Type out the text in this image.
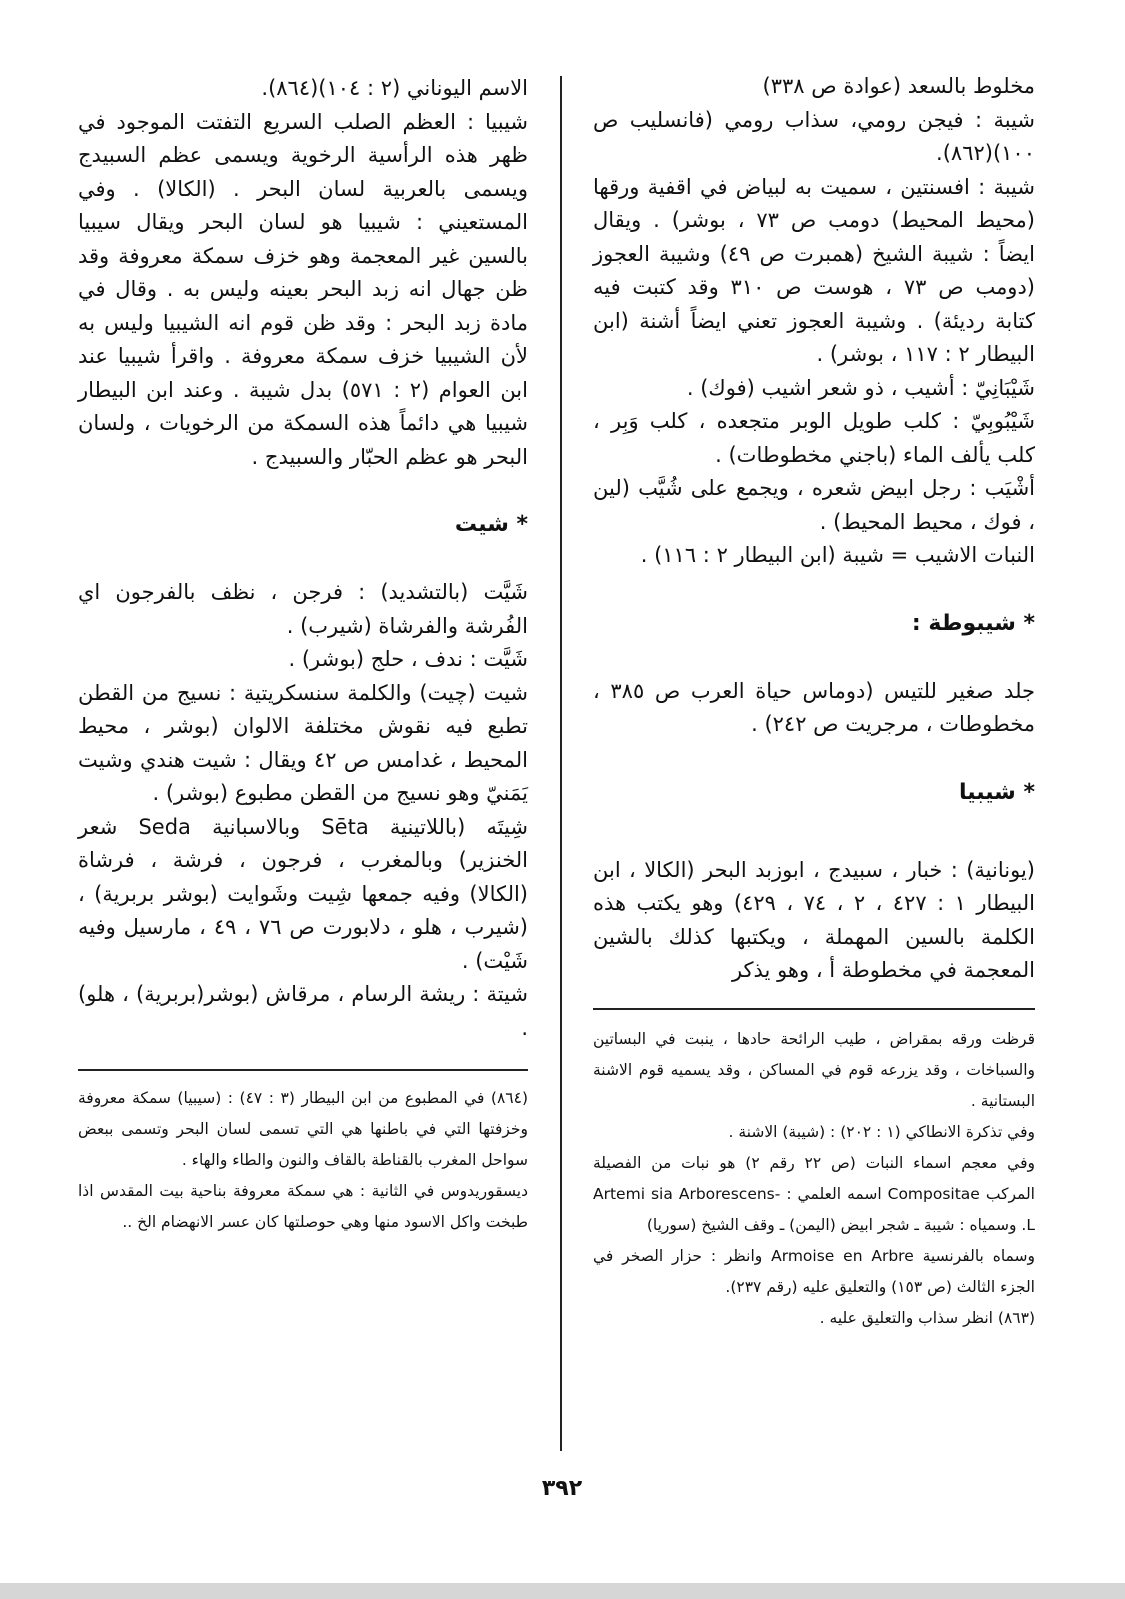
مخلوط بالسعد (عوادة ص ٣٣٨)

شيبة : فيجن رومي، سذاب رومي (فانسليب ص ١٠٠)(٨٦٢).

شيبة : افسنتين ، سميت به لبياض في اقفية ورقها (محيط المحيط) دومب ص ٧٣ ، بوشر) . ويقال ايضاً : شيبة الشيخ (همبرت ص ٤٩) وشيبة العجوز (دومب ص ٧٣ ، هوست ص ٣١٠ وقد كتبت فيه كتابة رديئة) . وشيبة العجوز تعني ايضاً أشنة (ابن البيطار ٢ : ١١٧ ، بوشر) .

شَيْبَانِيّ : أشيب ، ذو شعر اشيب (فوك) .

شَيْبُوبِيّ : كلب طويل الوبر متجعده ، كلب وَبِر ، كلب يألف الماء (باجني مخطوطات) .

أشْيَب : رجل ابيض شعره ، ويجمع على شُيَّب (لين ، فوك ، محيط المحيط) .

النبات الاشيب = شيبة (ابن البيطار ٢ : ١١٦) .

* شيبوطة :

جلد صغير للتيس (دوماس حياة العرب ص ٣٨٥ ، مخطوطات ، مرجريت ص ٢٤٢) .

* شيبيا

(يونانية) : خبار ، سبيدج ، ابوزبد البحر (الكالا ، ابن البيطار ١ : ٤٢٧ ، ٢ ، ٧٤ ، ٤٢٩) وهو يكتب هذه الكلمة بالسين المهملة ، ويكتبها كذلك بالشين المعجمة في مخطوطة أ ، وهو يذكر

قرظت ورقه بمقراض ، طيب الرائحة حادها ، ينبت في البساتين والسباخات ، وقد يزرعه قوم في المساكن ، وقد يسميه قوم الاشنة البستانية .

وفي تذكرة الانطاكي (١ : ٢٠٢) : (شيبة) الاشنة .

وفي معجم اسماء النبات (ص ٢٢ رقم ٢) هو نبات من الفصيلة المركب Compositae اسمه العلمي : -Artemi sia Arborescens L. وسمياه : شيبة ـ شجر ابيض (اليمن) ـ وقف الشيخ (سوريا)

وسماه بالفرنسية Armoise en Arbre وانظر : حزار الصخر في الجزء الثالث (ص ١٥٣) والتعليق عليه (رقم ٢٣٧).

(٨٦٣) انظر سذاب والتعليق عليه .

الاسم اليوناني (٢ : ١٠٤)(٨٦٤).

شيبيا : العظم الصلب السريع التفتت الموجود في ظهر هذه الرأسية الرخوية ويسمى عظم السبيدج ويسمى بالعربية لسان البحر . (الكالا) . وفي المستعيني : شيبيا هو لسان البحر ويقال سيبيا بالسين غير المعجمة وهو خزف سمكة معروفة وقد ظن جهال انه زبد البحر بعينه وليس به . وقال في مادة زبد البحر : وقد ظن قوم انه الشيبيا وليس به لأن الشيبيا خزف سمكة معروفة . واقرأ شيبيا عند ابن العوام (٢ : ٥٧١) بدل شيبة . وعند ابن البيطار شيبيا هي دائماً هذه السمكة من الرخويات ، ولسان البحر هو عظم الحبّار والسبيدج .

* شيت

شَيَّت (بالتشديد) : فرجن ، نظف بالفرجون اي الفُرشة والفرشاة (شيرب) .

شَيَّت : ندف ، حلج (بوشر) .

شيت (چيت) والكلمة سنسكريتية : نسيج من القطن تطبع فيه نقوش مختلفة الالوان (بوشر ، محيط المحيط ، غدامس ص ٤٢ ويقال : شيت هندي وشيت يَمَنيّ وهو نسيج من القطن مطبوع (بوشر) .

شِيتَه (باللاتينية Sēta وبالاسبانية Seda شعر الخنزير) وبالمغرب ، فرجون ، فرشة ، فرشاة (الكالا) وفيه جمعها شِيت وشَوايت (بوشر بربرية) ، (شيرب ، هلو ، دلابورت ص ٧٦ ، ٤٩ ، مارسيل وفيه شَيْت) .

شيتة : ريشة الرسام ، مرقاش (بوشر(بربرية) ، هلو) .

(٨٦٤) في المطبوع من ابن البيطار (٣ : ٤٧) : (سيبيا) سمكة معروفة وخزفتها التي في باطنها هي التي تسمى لسان البحر وتسمى ببعض سواحل المغرب بالقناطة بالقاف والنون والطاء والهاء .

ديسقوريدوس في الثانية : هي سمكة معروفة بناحية بيت المقدس اذا طبخت واكل الاسود منها وهي حوصلتها كان عسر الانهضام الخ ..

٣٩٢
